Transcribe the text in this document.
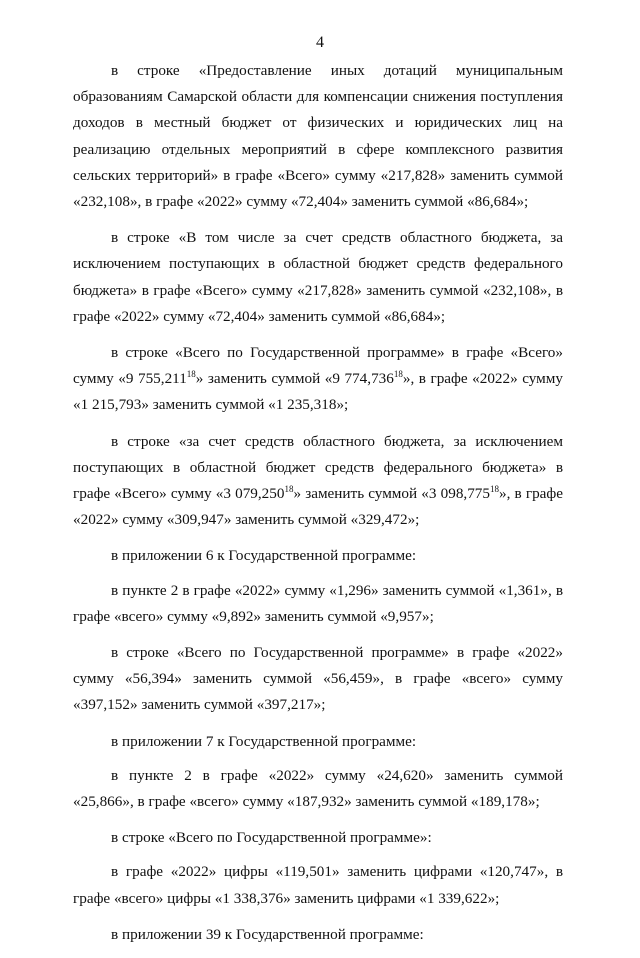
4

в строке «Предоставление иных дотаций муниципальным образованиям Самарской области для компенсации снижения поступления доходов в местный бюджет от физических и юридических лиц на реализацию отдельных мероприятий в сфере комплексного развития сельских территорий» в графе «Всего» сумму «217,828» заменить суммой «232,108», в графе «2022» сумму «72,404» заменить суммой «86,684»;

в строке «В том числе за счет средств областного бюджета, за исключением поступающих в областной бюджет средств федерального бюджета» в графе «Всего» сумму «217,828» заменить суммой «232,108», в графе «2022» сумму «72,404» заменить суммой «86,684»;

в строке «Всего по Государственной программе» в графе «Всего» сумму «9 755,211$^{18}$» заменить суммой «9 774,736$^{18}$», в графе «2022» сумму «1 215,793» заменить суммой «1 235,318»;

в строке «за счет средств областного бюджета, за исключением поступающих в областной бюджет средств федерального бюджета» в графе «Всего» сумму «3 079,250$^{18}$» заменить суммой «3 098,775$^{18}$», в графе «2022» сумму «309,947» заменить суммой «329,472»;

в приложении 6 к Государственной программе:

в пункте 2 в графе «2022» сумму «1,296» заменить суммой «1,361», в графе «всего» сумму «9,892» заменить суммой «9,957»;

в строке «Всего по Государственной программе» в графе «2022» сумму «56,394» заменить суммой «56,459», в графе «всего» сумму «397,152» заменить суммой «397,217»;

в приложении 7 к Государственной программе:

в пункте 2 в графе «2022» сумму «24,620» заменить суммой «25,866», в графе «всего» сумму «187,932» заменить суммой «189,178»;

в строке «Всего по Государственной программе»:

в графе «2022» цифры «119,501» заменить цифрами «120,747», в графе «всего» цифры «1 338,376» заменить цифрами «1 339,622»;

в приложении 39 к Государственной программе:
